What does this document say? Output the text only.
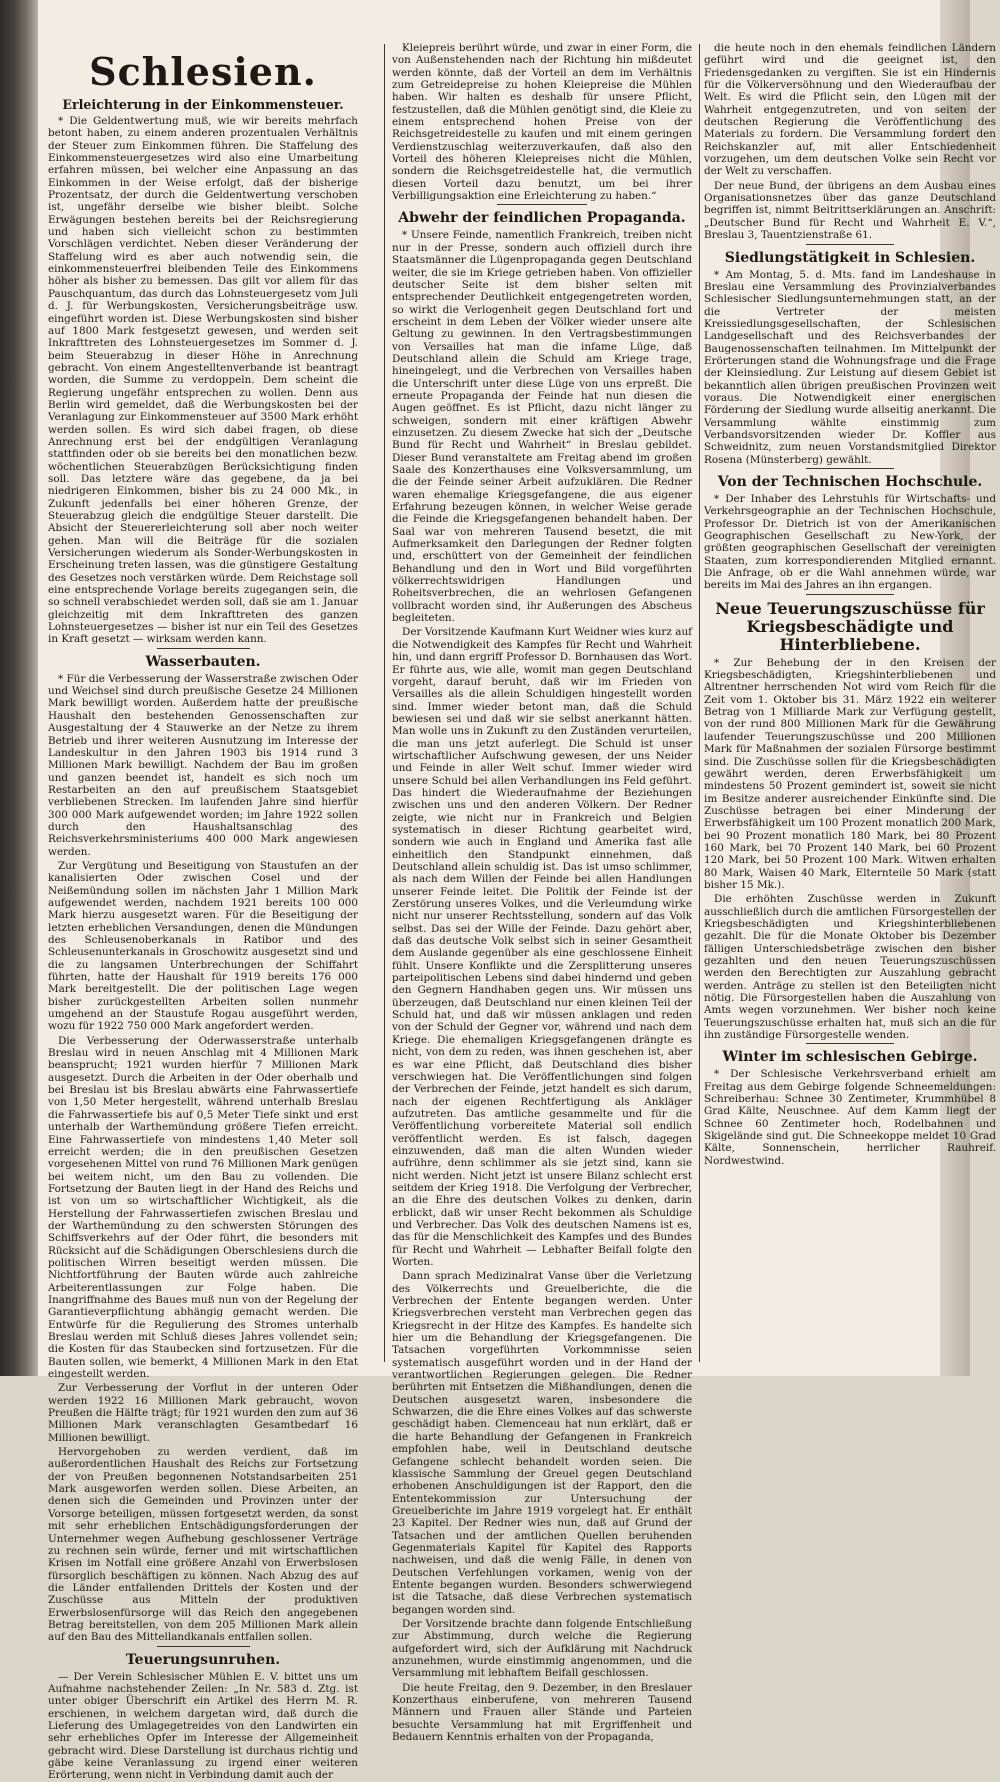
Schlesien.
Erleichterung in der Einkommensteuer.

* Die Geldentwertung muß, wie wir bereits mehrfach betont haben, zu einem anderen prozentualen Verhältnis der Steuer zum Einkommen führen. Die Staffelung des Einkommensteuergesetzes wird also eine Umarbeitung erfahren müssen, bei welcher eine Anpassung an das Einkommen in der Weise erfolgt, daß der bisherige Prozentsatz, der durch die Geldentwertung verschoben ist, ungefähr derselbe wie bisher bleibt. Solche Erwägungen bestehen bereits bei der Reichsregierung und haben sich vielleicht schon zu bestimmten Vorschlägen verdichtet. Neben dieser Veränderung der Staffelung wird es aber auch notwendig sein, die einkommensteuerfrei bleibenden Teile des Einkommens höher als bisher zu bemessen. Das gilt vor allem für das Pauschquantum, das durch das Lohnsteuergesetz vom Juli d. J. für Werbungskosten, Versicherungsbeiträge usw. eingeführt worden ist. Diese Werbungskosten sind bisher auf 1800 Mark festgesetzt gewesen, und werden seit Inkrafttreten des Lohnsteuergesetzes im Sommer d. J. beim Steuerabzug in dieser Höhe in Anrechnung gebracht. Von einem Angestelltenverbande ist beantragt worden, die Summe zu verdoppeln. Dem scheint die Regierung ungefähr entsprechen zu wollen. Denn aus Berlin wird gemeldet, daß die Werbungskosten bei der Veranlagung zur Einkommensteuer auf 3500 Mark erhöht werden sollen. Es wird sich dabei fragen, ob diese Anrechnung erst bei der endgültigen Veranlagung stattfinden oder ob sie bereits bei den monatlichen bezw. wöchentlichen Steuerabzügen Berücksichtigung finden soll. Das letztere wäre das gegebene, da ja bei niedrigeren Einkommen, bisher bis zu 24 000 Mk., in Zukunft jedenfalls bei einer höheren Grenze, der Steuerabzug gleich die endgültige Steuer darstellt. Die Absicht der Steuererleichterung soll aber noch weiter gehen. Man will die Beiträge für die sozialen Versicherungen wiederum als Sonder-Werbungskosten in Erscheinung treten lassen, was die günstigere Gestaltung des Gesetzes noch verstärken würde. Dem Reichstage soll eine entsprechende Vorlage bereits zugegangen sein, die so schnell verabschiedet werden soll, daß sie am 1. Januar gleichzeitig mit dem Inkrafttreten des ganzen Lohnsteuergesetzes — bisher ist nur ein Teil des Gesetzes in Kraft gesetzt — wirksam werden kann.

Wasserbauten.

* Für die Verbesserung der Wasserstraße zwischen Oder und Weichsel sind durch preußische Gesetze 24 Millionen Mark bewilligt worden. Außerdem hatte der preußische Haushalt den bestehenden Genossenschaften zur Ausgestaltung der 4 Stauwerke an der Netze zu ihrem Betrieb und ihrer weiteren Ausnutzung im Interesse der Landeskultur in den Jahren 1903 bis 1914 rund 3 Millionen Mark bewilligt. Nachdem der Bau im großen und ganzen beendet ist, handelt es sich noch um Restarbeiten an den auf preußischem Staatsgebiet verbliebenen Strecken. Im laufenden Jahre sind hierfür 300 000 Mark aufgewendet worden; im Jahre 1922 sollen durch den Haushaltsanschlag des Reichsverkehrsministeriums 400 000 Mark angewiesen werden.

Zur Vergütung und Beseitigung von Staustufen an der kanalisierten Oder zwischen Cosel und der Neißemündung sollen im nächsten Jahr 1 Million Mark aufgewendet werden, nachdem 1921 bereits 100 000 Mark hierzu ausgesetzt waren. Für die Beseitigung der letzten erheblichen Versandungen, denen die Mündungen des Schleusenoberkanals in Ratibor und des Schleusenunterkanals in Groschowitz ausgesetzt sind und die zu langsamen Unterbrechungen der Schiffahrt führten, hatte der Haushalt für 1919 bereits 176 000 Mark bereitgestellt. Die der politischen Lage wegen bisher zurückgestellten Arbeiten sollen nunmehr umgehend an der Staustufe Rogau ausgeführt werden, wozu für 1922 750 000 Mark angefordert werden.

Die Verbesserung der Oderwasserstraße unterhalb Breslau wird in neuen Anschlag mit 4 Millionen Mark beansprucht; 1921 wurden hierfür 7 Millionen Mark ausgesetzt. Durch die Arbeiten in der Oder oberhalb und bei Breslau ist bis Breslau abwärts eine Fahrwassertiefe von 1,50 Meter hergestellt, während unterhalb Breslau die Fahrwassertiefe bis auf 0,5 Meter Tiefe sinkt und erst unterhalb der Warthemündung größere Tiefen erreicht. Eine Fahrwassertiefe von mindestens 1,40 Meter soll erreicht werden; die in den preußischen Gesetzen vorgesehenen Mittel von rund 76 Millionen Mark genügen bei weitem nicht, um den Bau zu vollenden. Die Fortsetzung der Bauten liegt in der Hand des Reichs und ist von um so wirtschaftlicher Wichtigkeit, als die Herstellung der Fahrwassertiefen zwischen Breslau und der Warthemündung zu den schwersten Störungen des Schiffsverkehrs auf der Oder führt, die besonders mit Rücksicht auf die Schädigungen Oberschlesiens durch die politischen Wirren beseitigt werden müssen. Die Nichtfortführung der Bauten würde auch zahlreiche Arbeiterentlassungen zur Folge haben. Die Inangriffnahme des Baues muß nun von der Regelung der Garantieverpflichtung abhängig gemacht werden. Die Entwürfe für die Regulierung des Stromes unterhalb Breslau werden mit Schluß dieses Jahres vollendet sein; die Kosten für das Staubecken sind fortzusetzen. Für die Bauten sollen, wie bemerkt, 4 Millionen Mark in den Etat eingestellt werden.

Zur Verbesserung der Vorflut in der unteren Oder werden 1922 16 Millionen Mark gebraucht, wovon Preußen die Hälfte trägt; für 1921 wurden den zum auf 36 Millionen Mark veranschlagten Gesamtbedarf 16 Millionen bewilligt.

Hervorgehoben zu werden verdient, daß im außerordentlichen Haushalt des Reichs zur Fortsetzung der von Preußen begonnenen Notstandsarbeiten 251 Mark ausgeworfen werden sollen. Diese Arbeiten, an denen sich die Gemeinden und Provinzen unter der Vorsorge beteiligen, müssen fortgesetzt werden, da sonst mit sehr erheblichen Entschädigungsforderungen der Unternehmer wegen Aufhebung geschlossener Verträge zu rechnen sein würde, ferner und mit wirtschaftlichen Krisen im Notfall eine größere Anzahl von Erwerbslosen fürsorglich beschäftigen zu können. Nach Abzug des auf die Länder entfallenden Drittels der Kosten und der Zuschüsse aus Mitteln der produktiven Erwerbslosenfürsorge will das Reich den angegebenen Betrag bereitstellen, von dem 205 Millionen Mark allein auf den Bau des Mittellandkanals entfallen sollen.

Teuerungsunruhen.

— Der Verein Schlesischer Mühlen E. V. bittet uns um Aufnahme nachstehender Zeilen: „In Nr. 583 d. Ztg. ist unter obiger Überschrift ein Artikel des Herrn M. R. erschienen, in welchem dargetan wird, daß durch die Lieferung des Umlagegetreides von den Landwirten ein sehr erhebliches Opfer im Interesse der Allgemeinheit gebracht wird. Diese Darstellung ist durchaus richtig und gäbe keine Veranlassung zu irgend einer weiteren Erörterung, wenn nicht in Verbindung damit auch der

Kleiepreis berührt würde, und zwar in einer Form, die von Außenstehenden nach der Richtung hin mißdeutet werden könnte, daß der Vorteil an dem im Verhältnis zum Getreidepreise zu hohen Kleiepreise die Mühlen haben. Wir halten es deshalb für unsere Pflicht, festzustellen, daß die Mühlen genötigt sind, die Kleie zu einem entsprechend hohen Preise von der Reichsgetreidestelle zu kaufen und mit einem geringen Verdienstzuschlag weiterzuverkaufen, daß also den Vorteil des höheren Kleiepreises nicht die Mühlen, sondern die Reichsgetreidestelle hat, die vermutlich diesen Vorteil dazu benutzt, um bei ihrer Verbilligungsaktion eine Erleichterung zu haben.“

Abwehr der feindlichen Propaganda.

* Unsere Feinde, namentlich Frankreich, treiben nicht nur in der Presse, sondern auch offiziell durch ihre Staatsmänner die Lügenpropaganda gegen Deutschland weiter, die sie im Kriege getrieben haben. Von offizieller deutscher Seite ist dem bisher selten mit entsprechender Deutlichkeit entgegengetreten worden, so wirkt die Verlogenheit gegen Deutschland fort und erscheint in dem Leben der Völker wieder unsere alte Geltung zu gewinnen. In den Vertragsbestimmungen von Versailles hat man die infame Lüge, daß Deutschland allein die Schuld am Kriege trage, hineingelegt, und die Verbrechen von Versailles haben die Unterschrift unter diese Lüge von uns erpreßt. Die erneute Propaganda der Feinde hat nun diesen die Augen geöffnet. Es ist Pflicht, dazu nicht länger zu schweigen, sondern mit einer kräftigen Abwehr einzusetzen. Zu diesem Zwecke hat sich der „Deutsche Bund für Recht und Wahrheit“ in Breslau gebildet. Dieser Bund veranstaltete am Freitag abend im großen Saale des Konzerthauses eine Volksversammlung, um die der Feinde seiner Arbeit aufzuklären. Die Redner waren ehemalige Kriegsgefangene, die aus eigener Erfahrung bezeugen können, in welcher Weise gerade die Feinde die Kriegsgefangenen behandelt haben. Der Saal war von mehreren Tausend besetzt, die mit Aufmerksamkeit den Darlegungen der Redner folgten und, erschüttert von der Gemeinheit der feindlichen Behandlung und den in Wort und Bild vorgeführten völkerrechtswidrigen Handlungen und Roheitsverbrechen, die an wehrlosen Gefangenen vollbracht worden sind, ihr Außerungen des Abscheus begleiteten.

Der Vorsitzende Kaufmann Kurt Weidner wies kurz auf die Notwendigkeit des Kampfes für Recht und Wahrheit hin, und dann ergriff Professor D. Bornhausen das Wort. Er führte aus, wie alle, womit man gegen Deutschland vorgeht, darauf beruht, daß wir im Frieden von Versailles als die allein Schuldigen hingestellt worden sind. Immer wieder betont man, daß die Schuld bewiesen sei und daß wir sie selbst anerkannt hätten. Man wolle uns in Zukunft zu den Zuständen verurteilen, die man uns jetzt auferlegt. Die Schuld ist unser wirtschaftlicher Aufschwung gewesen, der uns Neider und Feinde in aller Welt schuf. Immer wieder wird unsere Schuld bei allen Verhandlungen ins Feld geführt. Das hindert die Wiederaufnahme der Beziehungen zwischen uns und den anderen Völkern. Der Redner zeigte, wie nicht nur in Frankreich und Belgien systematisch in dieser Richtung gearbeitet wird, sondern wie auch in England und Amerika fast alle einheitlich den Standpunkt einnehmen, daß Deutschland allein schuldig ist. Das ist umso schlimmer, als nach dem Willen der Feinde bei allen Handlungen unserer Feinde leitet. Die Politik der Feinde ist der Zerstörung unseres Volkes, und die Verleumdung wirke nicht nur unserer Rechtsstellung, sondern auf das Volk selbst. Das sei der Wille der Feinde. Dazu gehört aber, daß das deutsche Volk selbst sich in seiner Gesamtheit dem Auslande gegenüber als eine geschlossene Einheit fühlt. Unsere Konflikte und die Zersplitterung unseres parteipolitischen Lebens sind dabei hindernd und geben den Gegnern Handhaben gegen uns. Wir müssen uns überzeugen, daß Deutschland nur einen kleinen Teil der Schuld hat, und daß wir müssen anklagen und reden von der Schuld der Gegner vor, während und nach dem Kriege. Die ehemaligen Kriegsgefangenen drängte es nicht, von dem zu reden, was ihnen geschehen ist, aber es war eine Pflicht, daß Deutschland dies bisher verschwiegen hat. Die Veröffentlichungen sind folgen der Verbrechen der Feinde, jetzt handelt es sich darum, nach der eigenen Rechtfertigung als Ankläger aufzutreten. Das amtliche gesammelte und für die Veröffentlichung vorbereitete Material soll endlich veröffentlicht werden. Es ist falsch, dagegen einzuwenden, daß man die alten Wunden wieder aufrühre, denn schlimmer als sie jetzt sind, kann sie nicht werden. Nicht jetzt ist unsere Bilanz schlecht erst seitdem der Krieg 1918. Die Verfolgung der Verbrecher, an die Ehre des deutschen Volkes zu denken, darin erblickt, daß wir unser Recht bekommen als Schuldige und Verbrecher. Das Volk des deutschen Namens ist es, das für die Menschlichkeit des Kampfes und des Bundes für Recht und Wahrheit — Lebhafter Beifall folgte den Worten.

Dann sprach Medizinalrat Vanse über die Verletzung des Völkerrechts und Greuelberichte, die die Verbrechen der Entente begangen werden. Unter Kriegsverbrechen versteht man Verbrechen gegen das Kriegsrecht in der Hitze des Kampfes. Es handelte sich hier um die Behandlung der Kriegsgefangenen. Die Tatsachen vorgeführten Vorkommnisse seien systematisch ausgeführt worden und in der Hand der verantwortlichen Regierungen gelegen. Die Redner berührten mit Entsetzen die Mißhandlungen, denen die Deutschen ausgesetzt waren, insbesondere die Schwarzen, die die Ehre eines Volkes auf das schwerste geschädigt haben. Clemenceau hat nun erklärt, daß er die harte Behandlung der Gefangenen in Frankreich empfohlen habe, weil in Deutschland deutsche Gefangene schlecht behandelt worden seien. Die klassische Sammlung der Greuel gegen Deutschland erhobenen Anschuldigungen ist der Rapport, den die Ententekommission zur Untersuchung der Greuelberichte im Jahre 1919 vorgelegt hat. Er enthält 23 Kapitel. Der Redner wies nun, daß auf Grund der Tatsachen und der amtlichen Quellen beruhenden Gegenmaterials Kapitel für Kapitel des Rapports nachweisen, und daß die wenig Fälle, in denen von Deutschen Verfehlungen vorkamen, wenig von der Entente begangen wurden. Besonders schwerwiegend ist die Tatsache, daß diese Verbrechen systematisch begangen worden sind.

Der Vorsitzende brachte dann folgende Entschließung zur Abstimmung, durch welche die Regierung aufgefordert wird, sich der Aufklärung mit Nachdruck anzunehmen, wurde einstimmig angenommen, und die Versammlung mit lebhaftem Beifall geschlossen.

Die heute Freitag, den 9. Dezember, in den Breslauer Konzerthaus einberufene, von mehreren Tausend Männern und Frauen aller Stände und Parteien besuchte Versammlung hat mit Ergriffenheit und Bedauern Kenntnis erhalten von der Propaganda,

die heute noch in den ehemals feindlichen Ländern geführt wird und die geeignet ist, den Friedensgedanken zu vergiften. Sie ist ein Hindernis für die Völkerversöhnung und den Wiederaufbau der Welt. Es wird die Pflicht sein, den Lügen mit der Wahrheit entgegenzutreten, und von seiten der deutschen Regierung die Veröffentlichung des Materials zu fordern. Die Versammlung fordert den Reichskanzler auf, mit aller Entschiedenheit vorzugehen, um dem deutschen Volke sein Recht vor der Welt zu verschaffen.

Der neue Bund, der übrigens an dem Ausbau eines Organisationsnetzes über das ganze Deutschland begriffen ist, nimmt Beitrittserklärungen an. Anschrift: „Deutscher Bund für Recht und Wahrheit E. V.“, Breslau 3, Tauentzienstraße 61.

Siedlungstätigkeit in Schlesien.

* Am Montag, 5. d. Mts. fand im Landeshause in Breslau eine Versammlung des Provinzialverbandes Schlesischer Siedlungsunternehmungen statt, an der die Vertreter der meisten Kreissiedlungsgesellschaften, der Schlesischen Landgesellschaft und des Reichsverbandes der Baugenossenschaften teilnahmen. Im Mittelpunkt der Erörterungen stand die Wohnungsfrage und die Frage der Kleinsiedlung. Zur Leistung auf diesem Gebiet ist bekanntlich allen übrigen preußischen Provinzen weit voraus. Die Notwendigkeit einer energischen Förderung der Siedlung wurde allseitig anerkannt. Die Versammlung wählte einstimmig zum Verbandsvorsitzenden wieder Dr. Koffler aus Schweidnitz, zum neuen Vorstandsmitglied Direktor Rosena (Münsterberg) gewählt.

Von der Technischen Hochschule.

* Der Inhaber des Lehrstuhls für Wirtschafts- und Verkehrsgeographie an der Technischen Hochschule, Professor Dr. Dietrich ist von der Amerikanischen Geographischen Gesellschaft zu New-York, der größten geographischen Gesellschaft der vereinigten Staaten, zum korrespondierenden Mitglied ernannt. Die Anfrage, ob er die Wahl annehmen würde, war bereits im Mai des Jahres an ihn ergangen.

Neue Teuerungszuschüsse für Kriegsbeschädigte und Hinterbliebene.

* Zur Behebung der in den Kreisen der Kriegsbeschädigten, Kriegshinterbliebenen und Altrentner herrschenden Not wird vom Reich für die Zeit vom 1. Oktober bis 31. März 1922 ein weiterer Betrag von 1 Milliarde Mark zur Verfügung gestellt, von der rund 800 Millionen Mark für die Gewährung laufender Teuerungszuschüsse und 200 Millionen Mark für Maßnahmen der sozialen Fürsorge bestimmt sind. Die Zuschüsse sollen für die Kriegsbeschädigten gewährt werden, deren Erwerbsfähigkeit um mindestens 50 Prozent gemindert ist, soweit sie nicht im Besitze anderer ausreichender Einkünfte sind. Die Zuschüsse betragen bei einer Minderung der Erwerbsfähigkeit um 100 Prozent monatlich 200 Mark, bei 90 Prozent monatlich 180 Mark, bei 80 Prozent 160 Mark, bei 70 Prozent 140 Mark, bei 60 Prozent 120 Mark, bei 50 Prozent 100 Mark. Witwen erhalten 80 Mark, Waisen 40 Mark, Elternteile 50 Mark (statt bisher 15 Mk.).

Die erhöhten Zuschüsse werden in Zukunft ausschließlich durch die amtlichen Fürsorgestellen der Kriegsbeschädigten und Kriegshinterbliebenen gezahlt. Die für die Monate Oktober bis Dezember fälligen Unterschiedsbeträge zwischen den bisher gezahlten und den neuen Teuerungszuschüssen werden den Berechtigten zur Auszahlung gebracht werden. Anträge zu stellen ist den Beteiligten nicht nötig. Die Fürsorgestellen haben die Auszahlung von Amts wegen vorzunehmen. Wer bisher noch keine Teuerungszuschüsse erhalten hat, muß sich an die für ihn zuständige Fürsorgestelle wenden.

Winter im schlesischen Gebirge.

* Der Schlesische Verkehrsverband erhielt am Freitag aus dem Gebirge folgende Schneemeldungen: Schreiberhau: Schnee 30 Zentimeter, Krummhübel 8 Grad Kälte, Neuschnee. Auf dem Kamm liegt der Schnee 60 Zentimeter hoch, Rodelbahnen und Skigelände sind gut. Die Schneekoppe meldet 10 Grad Kälte, Sonnenschein, herrlicher Rauhreif. Nordwestwind.
